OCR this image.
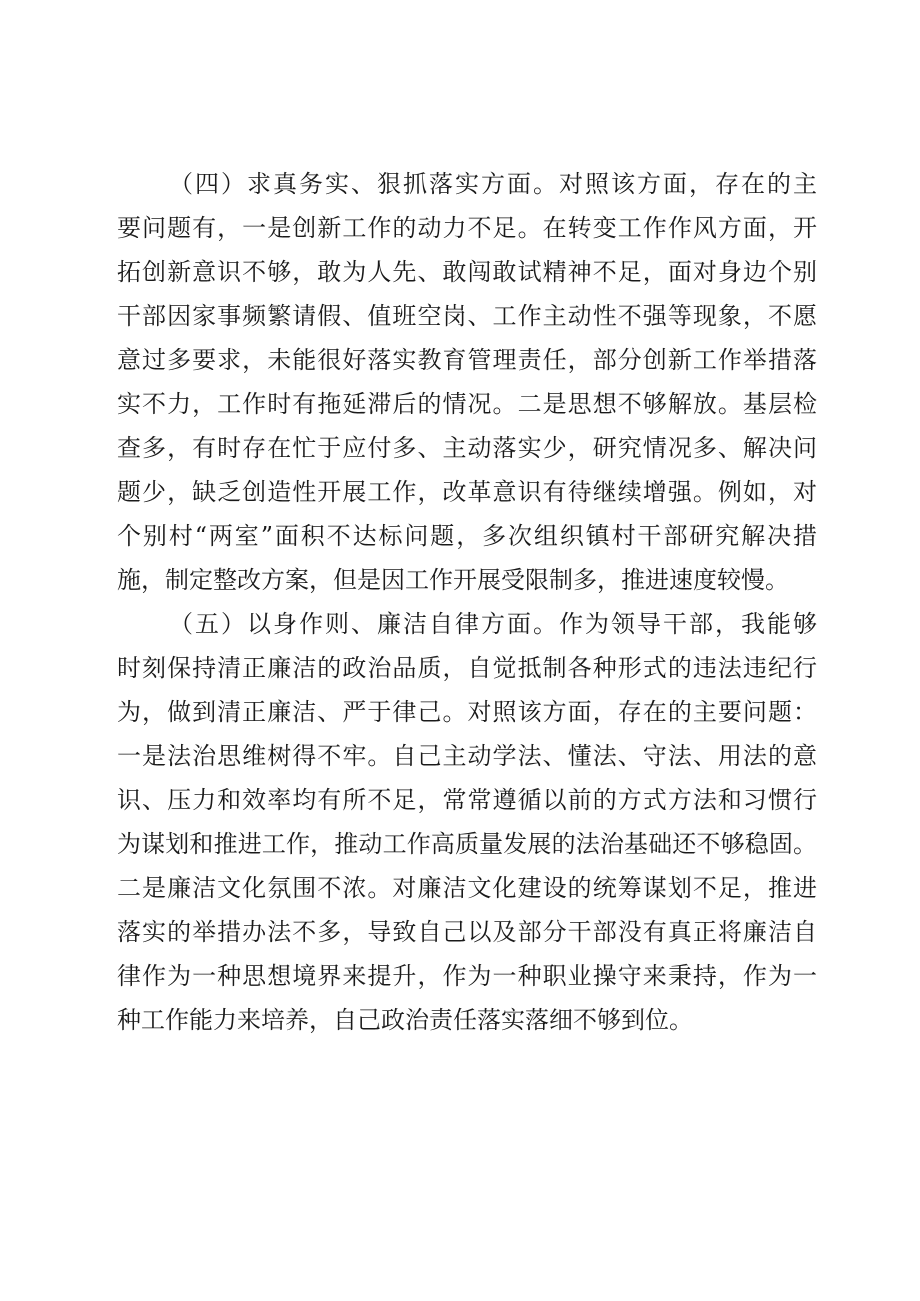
（四）求真务实、狠抓落实方面。对照该方面，存在的主
要问题有，一是创新工作的动力不足。在转变工作作风方面，开
拓创新意识不够，敢为人先、敢闯敢试精神不足，面对身边个别
干部因家事频繁请假、值班空岗、工作主动性不强等现象，不愿
意过多要求，未能很好落实教育管理责任，部分创新工作举措落
实不力，工作时有拖延滞后的情况。二是思想不够解放。基层检
查多，有时存在忙于应付多、主动落实少，研究情况多、解决问
题少，缺乏创造性开展工作，改革意识有待继续增强。例如，对
个别村“两室”面积不达标问题，多次组织镇村干部研究解决措
施，制定整改方案，但是因工作开展受限制多，推进速度较慢。
（五）以身作则、廉洁自律方面。作为领导干部，我能够
时刻保持清正廉洁的政治品质，自觉抵制各种形式的违法违纪行
为，做到清正廉洁、严于律己。对照该方面，存在的主要问题：
一是法治思维树得不牢。自己主动学法、懂法、守法、用法的意
识、压力和效率均有所不足，常常遵循以前的方式方法和习惯行
为谋划和推进工作，推动工作高质量发展的法治基础还不够稳固。
二是廉洁文化氛围不浓。对廉洁文化建设的统筹谋划不足，推进
落实的举措办法不多，导致自己以及部分干部没有真正将廉洁自
律作为一种思想境界来提升，作为一种职业操守来秉持，作为一
种工作能力来培养，自己政治责任落实落细不够到位。
